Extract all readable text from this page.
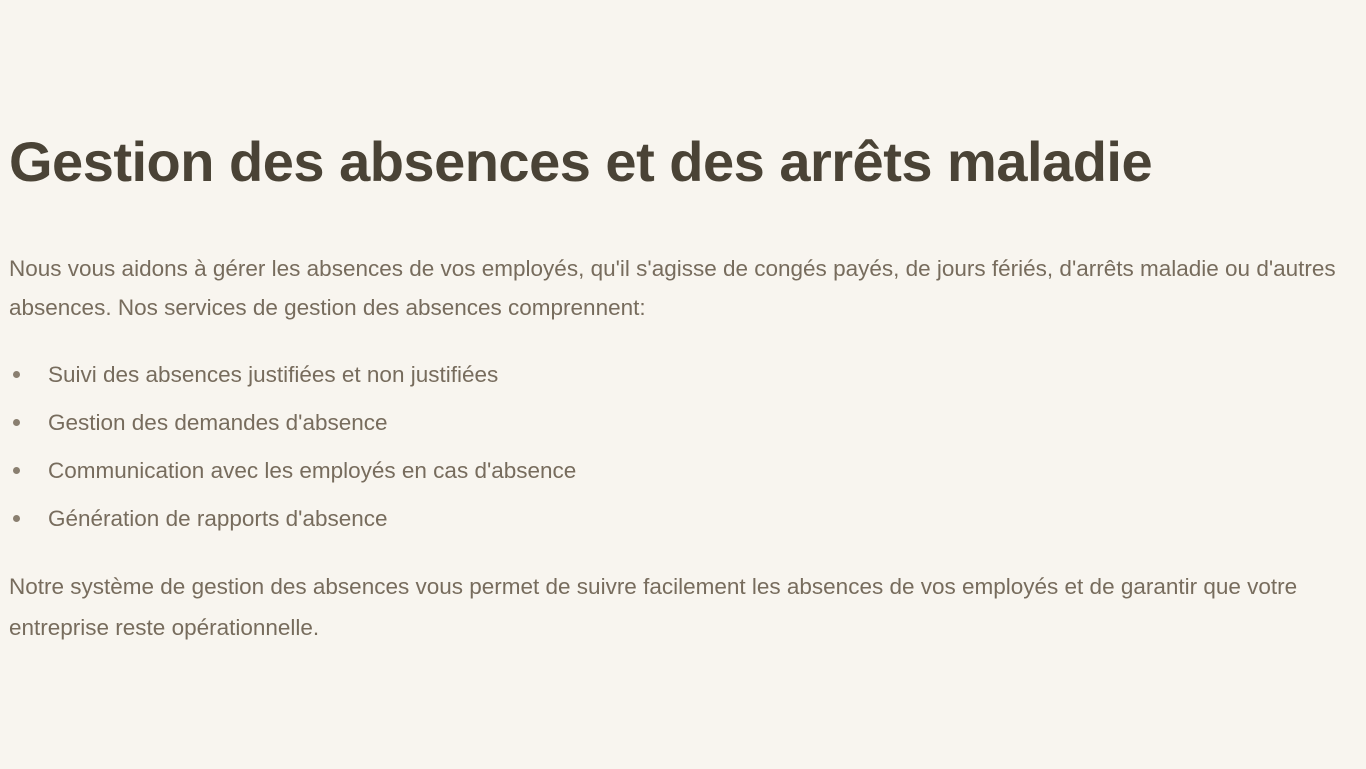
Gestion des absences et des arrêts maladie

Nous vous aidons à gérer les absences de vos employés, qu'il s'agisse de congés payés, de jours fériés, d'arrêts maladie ou d'autres absences. Nos services de gestion des absences comprennent:

Suivi des absences justifiées et non justifiées
Gestion des demandes d'absence
Communication avec les employés en cas d'absence
Génération de rapports d'absence

Notre système de gestion des absences vous permet de suivre facilement les absences de vos employés et de garantir que votre entreprise reste opérationnelle.
